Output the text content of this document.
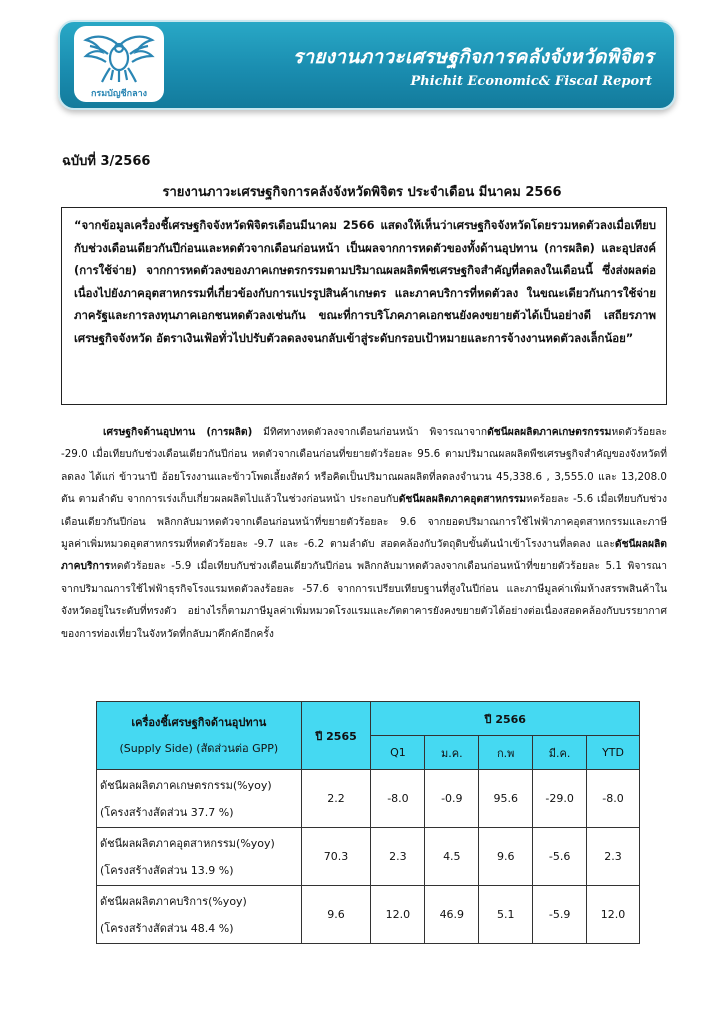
กรมบัญชีกลาง
รายงานภาวะเศรษฐกิจการคลังจังหวัดพิจิตร
Phichit Economic& Fiscal Report
ฉบับที่ 3/2566
รายงานภาวะเศรษฐกิจการคลังจังหวัดพิจิตร ประจำเดือน มีนาคม 2566
“จากข้อมูลเครื่องชี้เศรษฐกิจจังหวัดพิจิตรเดือนมีนาคม 2566 แสดงให้เห็นว่าเศรษฐกิจจังหวัดโดยรวมหดตัวลงเมื่อเทียบกับช่วงเดือนเดียวกันปีก่อนและหดตัวจากเดือนก่อนหน้า เป็นผลจากการหดตัวของทั้งด้านอุปทาน (การผลิต) และอุปสงค์ (การใช้จ่าย) จากการหดตัวลงของภาคเกษตรกรรมตามปริมาณผลผลิตพืชเศรษฐกิจสำคัญที่ลดลงในเดือนนี้ ซึ่งส่งผลต่อเนื่องไปยังภาคอุตสาหกรรมที่เกี่ยวข้องกับการแปรรูปสินค้าเกษตร และภาคบริการที่หดตัวลง ในขณะเดียวกันการใช้จ่ายภาครัฐและการลงทุนภาคเอกชนหดตัวลงเช่นกัน ขณะที่การบริโภคภาคเอกชนยังคงขยายตัวได้เป็นอย่างดี เสถียรภาพเศรษฐกิจจังหวัด อัตราเงินเฟ้อทั่วไปปรับตัวลดลงจนกลับเข้าสู่ระดับกรอบเป้าหมายและการจ้างงานหดตัวลงเล็กน้อย”
เศรษฐกิจด้านอุปทาน (การผลิต) มีทิศทางหดตัวลงจากเดือนก่อนหน้า พิจารณาจากดัชนีผลผลิตภาคเกษตรกรรมหดตัวร้อยละ -29.0 เมื่อเทียบกับช่วงเดือนเดียวกันปีก่อน หดตัวจากเดือนก่อนที่ขยายตัวร้อยละ 95.6 ตามปริมาณผลผลิตพืชเศรษฐกิจสำคัญของจังหวัดที่ลดลง ได้แก่ ข้าวนาปี อ้อยโรงงานและข้าวโพดเลี้ยงสัตว์ หรือคิดเป็นปริมาณผลผลิตที่ลดลงจำนวน 45,338.6 , 3,555.0 และ 13,208.0 ตัน ตามลำดับ จากการเร่งเก็บเกี่ยวผลผลิตไปแล้วในช่วงก่อนหน้า ประกอบกับดัชนีผลผลิตภาคอุตสาหกรรมหดร้อยละ -5.6 เมื่อเทียบกับช่วงเดือนเดียวกันปีก่อน พลิกกลับมาหดตัวจากเดือนก่อนหน้าที่ขยายตัวร้อยละ 9.6 จากยอดปริมาณการใช้ไฟฟ้าภาคอุตสาหกรรมและภาษีมูลค่าเพิ่มหมวดอุตสาหกรรมที่หดตัวร้อยละ -9.7 และ -6.2 ตามลำดับ สอดคล้องกับวัตถุดิบขั้นต้นนำเข้าโรงงานที่ลดลง และดัชนีผลผลิตภาคบริการหดตัวร้อยละ -5.9 เมื่อเทียบกับช่วงเดือนเดียวกันปีก่อน พลิกกลับมาหดตัวลงจากเดือนก่อนหน้าที่ขยายตัวร้อยละ 5.1 พิจารณาจากปริมาณการใช้ไฟฟ้าธุรกิจโรงแรมหดตัวลงร้อยละ -57.6 จากการเปรียบเทียบฐานที่สูงในปีก่อน และภาษีมูลค่าเพิ่มห้างสรรพสินค้าในจังหวัดอยู่ในระดับที่ทรงตัว อย่างไรก็ตามภาษีมูลค่าเพิ่มหมวดโรงแรมและภัตตาคารยังคงขยายตัวได้อย่างต่อเนื่องสอดคล้องกับบรรยากาศของการท่องเที่ยวในจังหวัดที่กลับมาคึกคักอีกครั้ง
เครื่องชี้เศรษฐกิจด้านอุปทาน
(Supply Side) (สัดส่วนต่อ GPP)	ปี 2565	ปี 2566				
		Q1	ม.ค.	ก.พ	มี.ค.	YTD

ดัชนีผลผลิตภาคเกษตรกรรม(%yoy)
(โครงสร้างสัดส่วน 37.7 %)	2.2	-8.0	-0.9	95.6	-29.0	-8.0

ดัชนีผลผลิตภาคอุตสาหกรรม(%yoy)
(โครงสร้างสัดส่วน 13.9 %)	70.3	2.3	4.5	9.6	-5.6	2.3

ดัชนีผลผลิตภาคบริการ(%yoy)
(โครงสร้างสัดส่วน 48.4 %)	9.6	12.0	46.9	5.1	-5.9	12.0
